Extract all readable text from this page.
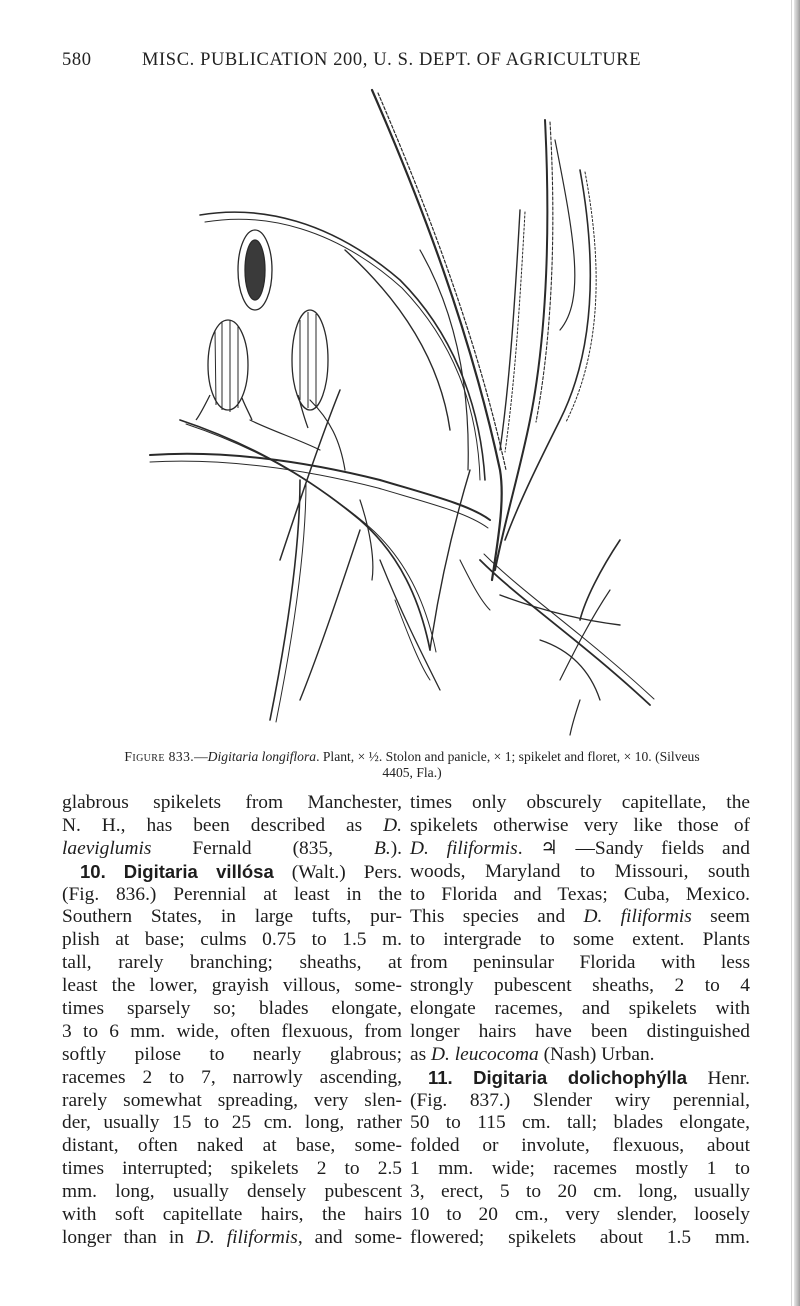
580	MISC. PUBLICATION 200, U. S. DEPT. OF AGRICULTURE
Figure 833.—Digitaria longiflora. Plant, × ½. Stolon and panicle, × 1; spikelet and floret, × 10. (Silveus
4405, Fla.)
glabrous spikelets from Manchester,
N. H., has been described as D.
laeviglumis Fernald (835, B.).
10. Digitaria villósa (Walt.) Pers.
(Fig. 836.) Perennial at least in the
Southern States, in large tufts, pur-
plish at base; culms 0.75 to 1.5 m.
tall, rarely branching; sheaths, at
least the lower, grayish villous, some-
times sparsely so; blades elongate,
3 to 6 mm. wide, often flexuous, from
softly pilose to nearly glabrous;
racemes 2 to 7, narrowly ascending,
rarely somewhat spreading, very slen-
der, usually 15 to 25 cm. long, rather
distant, often naked at base, some-
times interrupted; spikelets 2 to 2.5
mm. long, usually densely pubescent
with soft capitellate hairs, the hairs
longer than in D. filiformis, and some-
times only obscurely capitellate, the
spikelets otherwise very like those of
D. filiformis. ♃ —Sandy fields and
woods, Maryland to Missouri, south
to Florida and Texas; Cuba, Mexico.
This species and D. filiformis seem
to intergrade to some extent. Plants
from peninsular Florida with less
strongly pubescent sheaths, 2 to 4
elongate racemes, and spikelets with
longer hairs have been distinguished
as D. leucocoma (Nash) Urban.
11. Digitaria dolichophýlla Henr.
(Fig. 837.) Slender wiry perennial,
50 to 115 cm. tall; blades elongate,
folded or involute, flexuous, about
1 mm. wide; racemes mostly 1 to
3, erect, 5 to 20 cm. long, usually
10 to 20 cm., very slender, loosely
flowered; spikelets about 1.5 mm.
